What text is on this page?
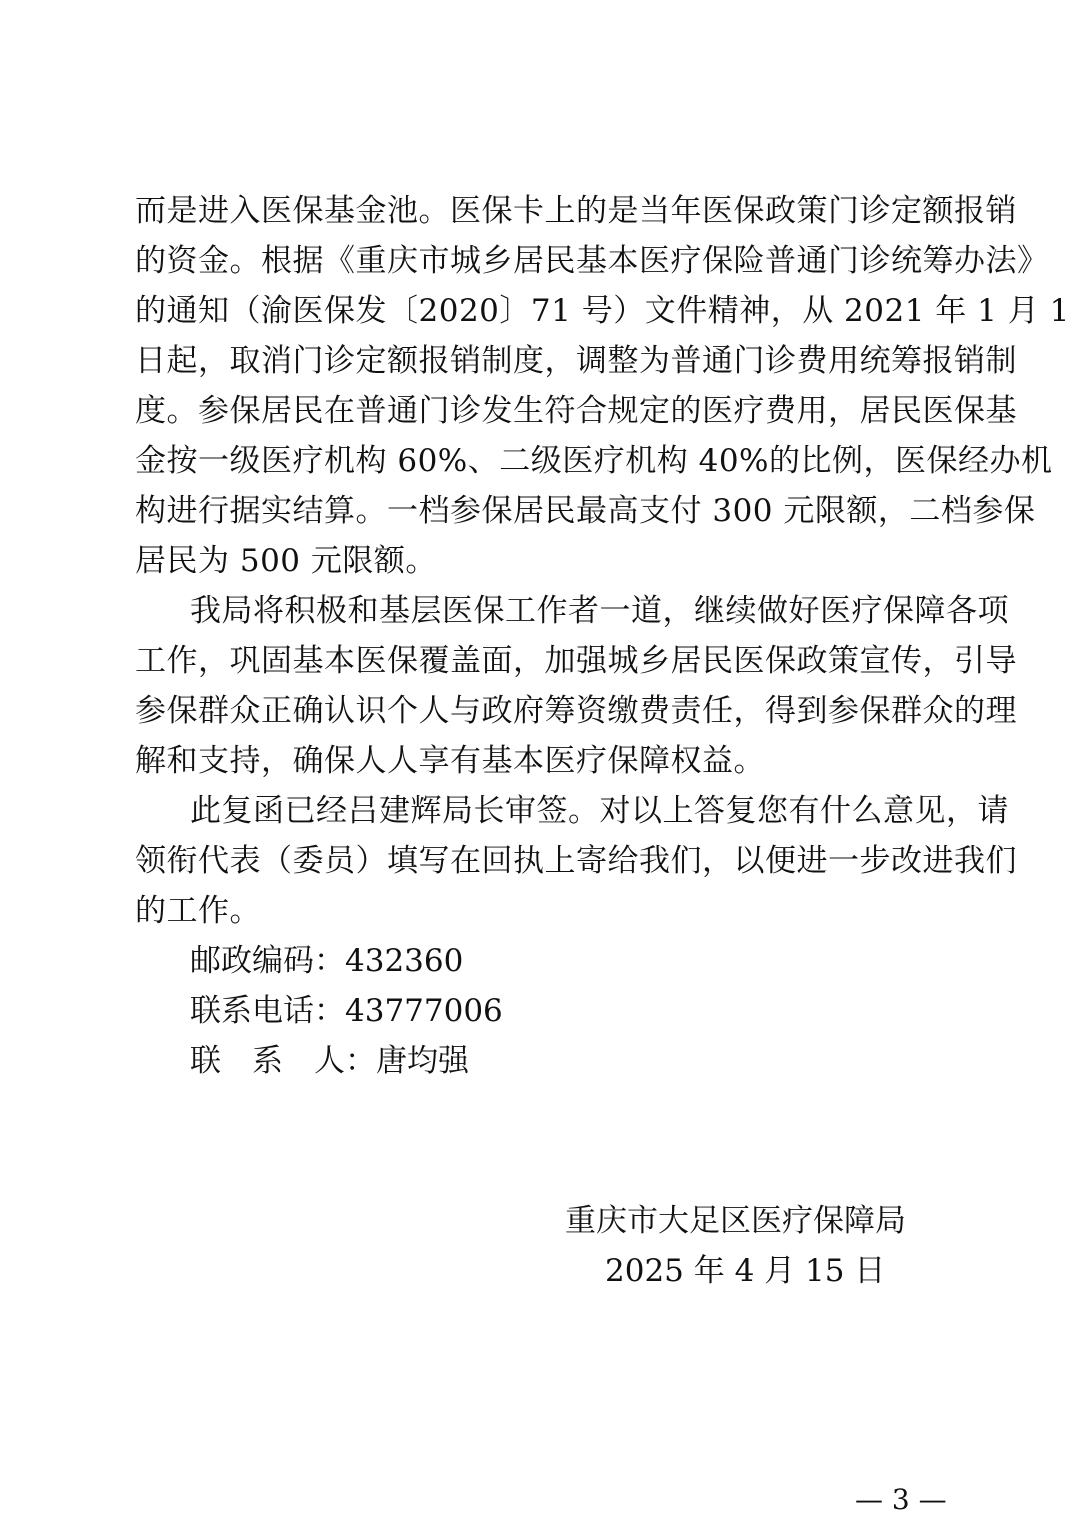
而是进入医保基金池。医保卡上的是当年医保政策门诊定额报销
的资金。根据《重庆市城乡居民基本医疗保险普通门诊统筹办法》
的通知（渝医保发〔2020〕71 号）文件精神，从 2021 年 1 月 1
日起，取消门诊定额报销制度，调整为普通门诊费用统筹报销制
度。参保居民在普通门诊发生符合规定的医疗费用，居民医保基
金按一级医疗机构 60%、二级医疗机构 40%的比例，医保经办机
构进行据实结算。一档参保居民最高支付 300 元限额，二档参保
居民为 500 元限额。
我局将积极和基层医保工作者一道，继续做好医疗保障各项
工作，巩固基本医保覆盖面，加强城乡居民医保政策宣传，引导
参保群众正确认识个人与政府筹资缴费责任，得到参保群众的理
解和支持，确保人人享有基本医疗保障权益。
此复函已经吕建辉局长审签。对以上答复您有什么意见，请
领衔代表（委员）填写在回执上寄给我们，以便进一步改进我们
的工作。
邮政编码：432360
联系电话：43777006
联　系　人：唐均强
重庆市大足区医疗保障局
2025 年 4 月 15 日
— 3 —
